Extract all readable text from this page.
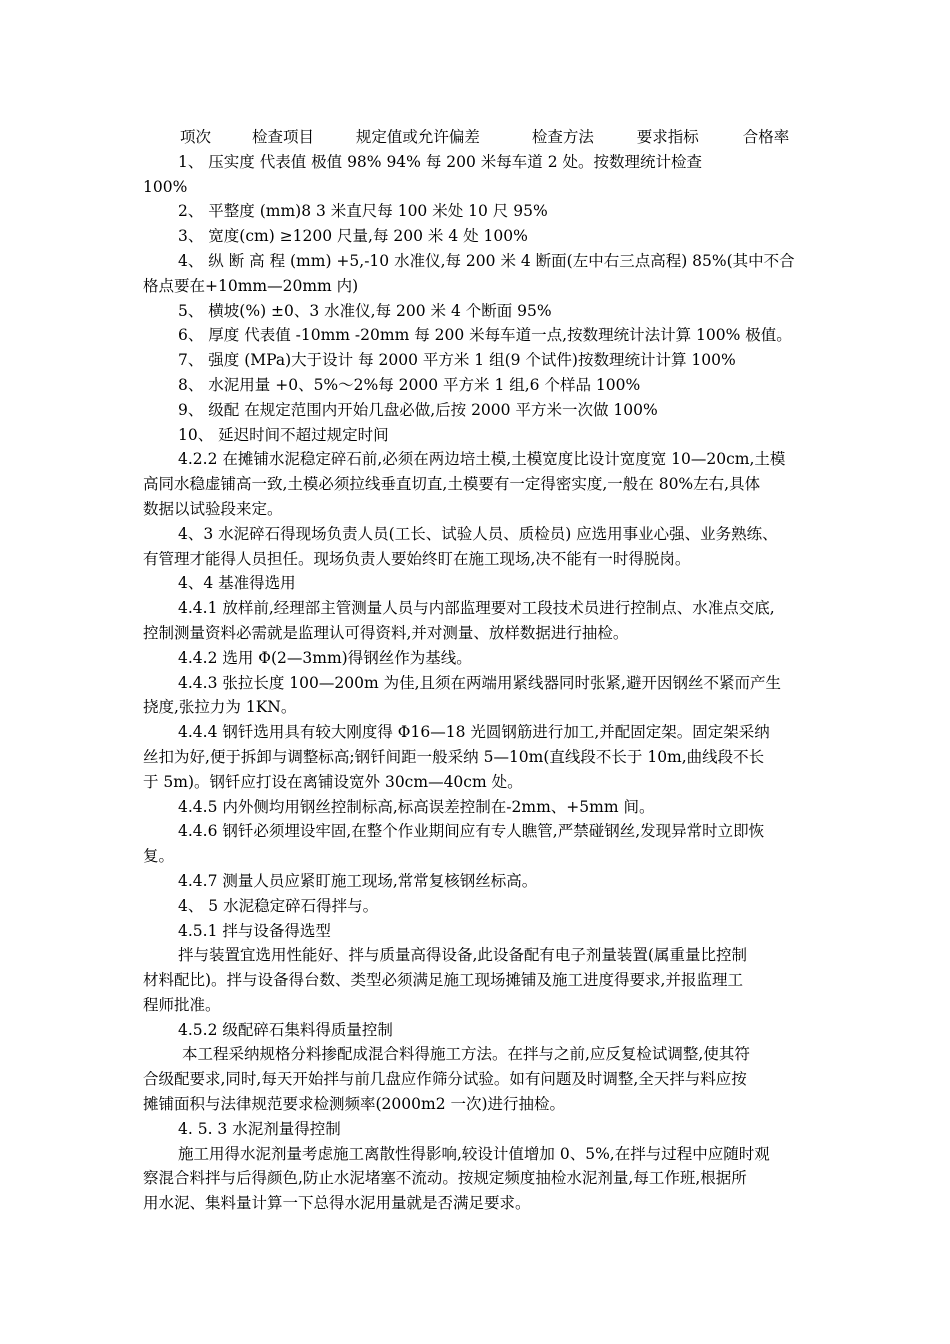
项次	检查项目	规定值或允许偏差	检查方法	要求指标	合格率
1、 压实度 代表值 极值 98% 94% 每 200 米每车道 2 处。按数理统计检查
100%
2、 平整度 (mm)8 3 米直尺每 100 米处 10 尺 95%
3、 宽度(cm) ≥1200 尺量,每 200 米 4 处 100%
4、 纵 断 高 程 (mm) +5,-10 水准仪,每 200 米 4 断面(左中右三点高程) 85%(其中不合
格点要在+10mm—20mm 内)
5、 横坡(%) ±0、3 水准仪,每 200 米 4 个断面 95%
6、 厚度 代表值 -10mm -20mm 每 200 米每车道一点,按数理统计法计算 100% 极值。
7、 强度 (MPa)大于设计 每 2000 平方米 1 组(9 个试件)按数理统计计算 100%
8、 水泥用量 +0、5%～2%每 2000 平方米 1 组,6 个样品 100%
9、 级配 在规定范围内开始几盘必做,后按 2000 平方米一次做 100%
10、 延迟时间不超过规定时间
4.2.2 在摊铺水泥稳定碎石前,必须在两边培土模,土模宽度比设计宽度宽 10—20cm,土模
高同水稳虚铺高一致,土模必须拉线垂直切直,土模要有一定得密实度,一般在 80%左右,具体
数据以试验段来定。
4、3 水泥碎石得现场负责人员(工长、试验人员、质检员) 应选用事业心强、业务熟练、
有管理才能得人员担任。现场负责人要始终盯在施工现场,决不能有一时得脱岗。
4、4 基准得选用
4.4.1 放样前,经理部主管测量人员与内部监理要对工段技术员进行控制点、水准点交底,
控制测量资料必需就是监理认可得资料,并对测量、放样数据进行抽检。
4.4.2 选用 Φ(2—3mm)得钢丝作为基线。
4.4.3 张拉长度 100—200m 为佳,且须在两端用紧线器同时张紧,避开因钢丝不紧而产生
挠度,张拉力为 1KN。
4.4.4 钢钎选用具有较大刚度得 Φ16—18 光圆钢筋进行加工,并配固定架。固定架采纳
丝扣为好,便于拆卸与调整标高;钢钎间距一般采纳 5—10m(直线段不长于 10m,曲线段不长
于 5m)。钢钎应打设在离铺设宽外 30cm—40cm 处。
4.4.5 内外侧均用钢丝控制标高,标高误差控制在-2mm、+5mm 间。
4.4.6 钢钎必须埋设牢固,在整个作业期间应有专人瞧管,严禁碰钢丝,发现异常时立即恢
复。
4.4.7 测量人员应紧盯施工现场,常常复核钢丝标高。
4、 5 水泥稳定碎石得拌与。
4.5.1 拌与设备得选型
拌与装置宜选用性能好、拌与质量高得设备,此设备配有电子剂量装置(属重量比控制
材料配比)。拌与设备得台数、类型必须满足施工现场摊铺及施工进度得要求,并报监理工
程师批准。
4.5.2 级配碎石集料得质量控制
本工程采纳规格分料掺配成混合料得施工方法。在拌与之前,应反复检试调整,使其符
合级配要求,同时,每天开始拌与前几盘应作筛分试验。如有问题及时调整,全天拌与料应按
摊铺面积与法律规范要求检测频率(2000m2 一次)进行抽检。
4. 5. 3 水泥剂量得控制
施工用得水泥剂量考虑施工离散性得影响,较设计值增加 0、5%,在拌与过程中应随时观
察混合料拌与后得颜色,防止水泥堵塞不流动。按规定频度抽检水泥剂量,每工作班,根据所
用水泥、集料量计算一下总得水泥用量就是否满足要求。
